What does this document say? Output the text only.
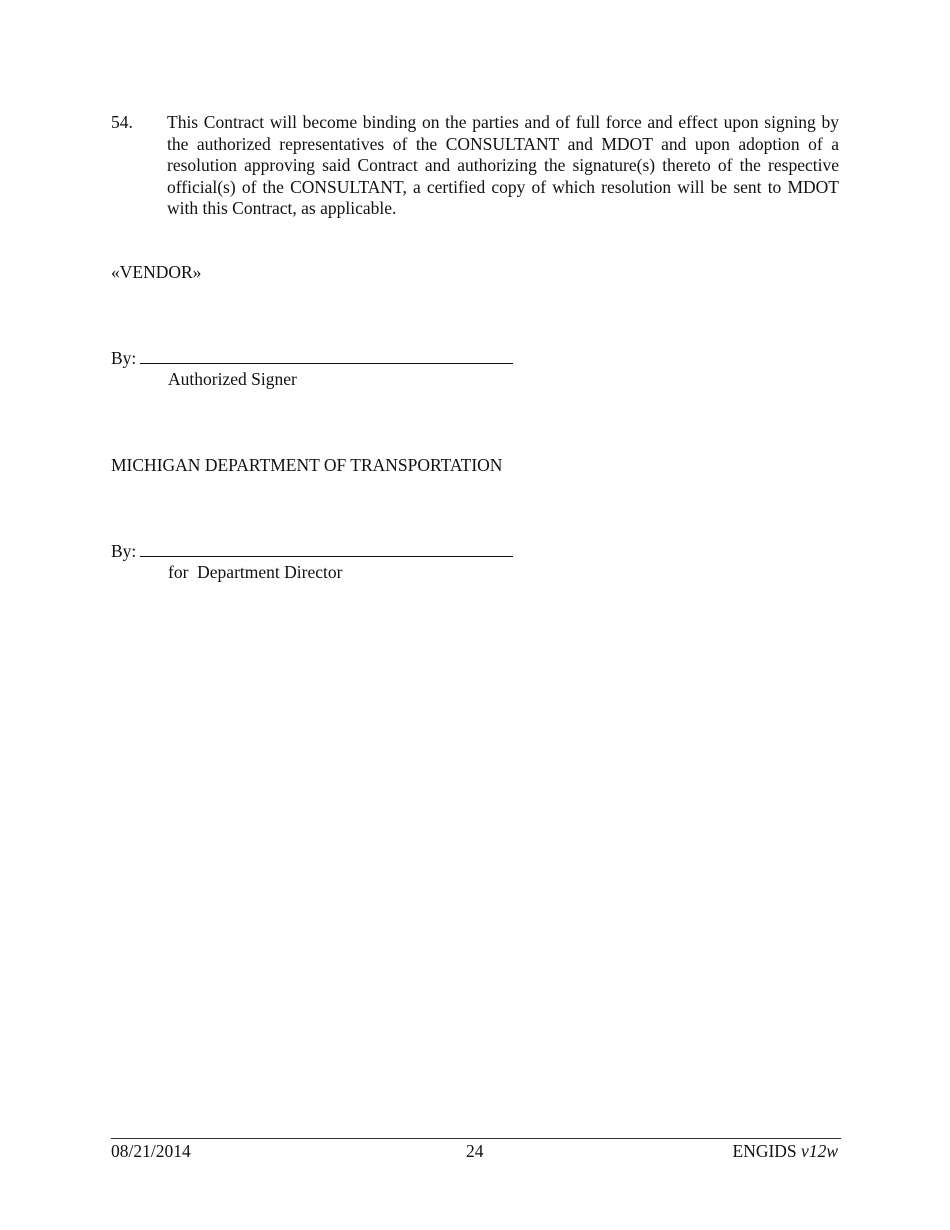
54.	This Contract will become binding on the parties and of full force and effect upon signing by the authorized representatives of the CONSULTANT and MDOT and upon adoption of a resolution approving said Contract and authorizing the signature(s) thereto of the respective official(s) of the CONSULTANT, a certified copy of which resolution will be sent to MDOT with this Contract, as applicable.
«VENDOR»
By:
Authorized Signer
MICHIGAN DEPARTMENT OF TRANSPORTATION
By:
for  Department Director
08/21/2014	24	ENGIDS v12w
